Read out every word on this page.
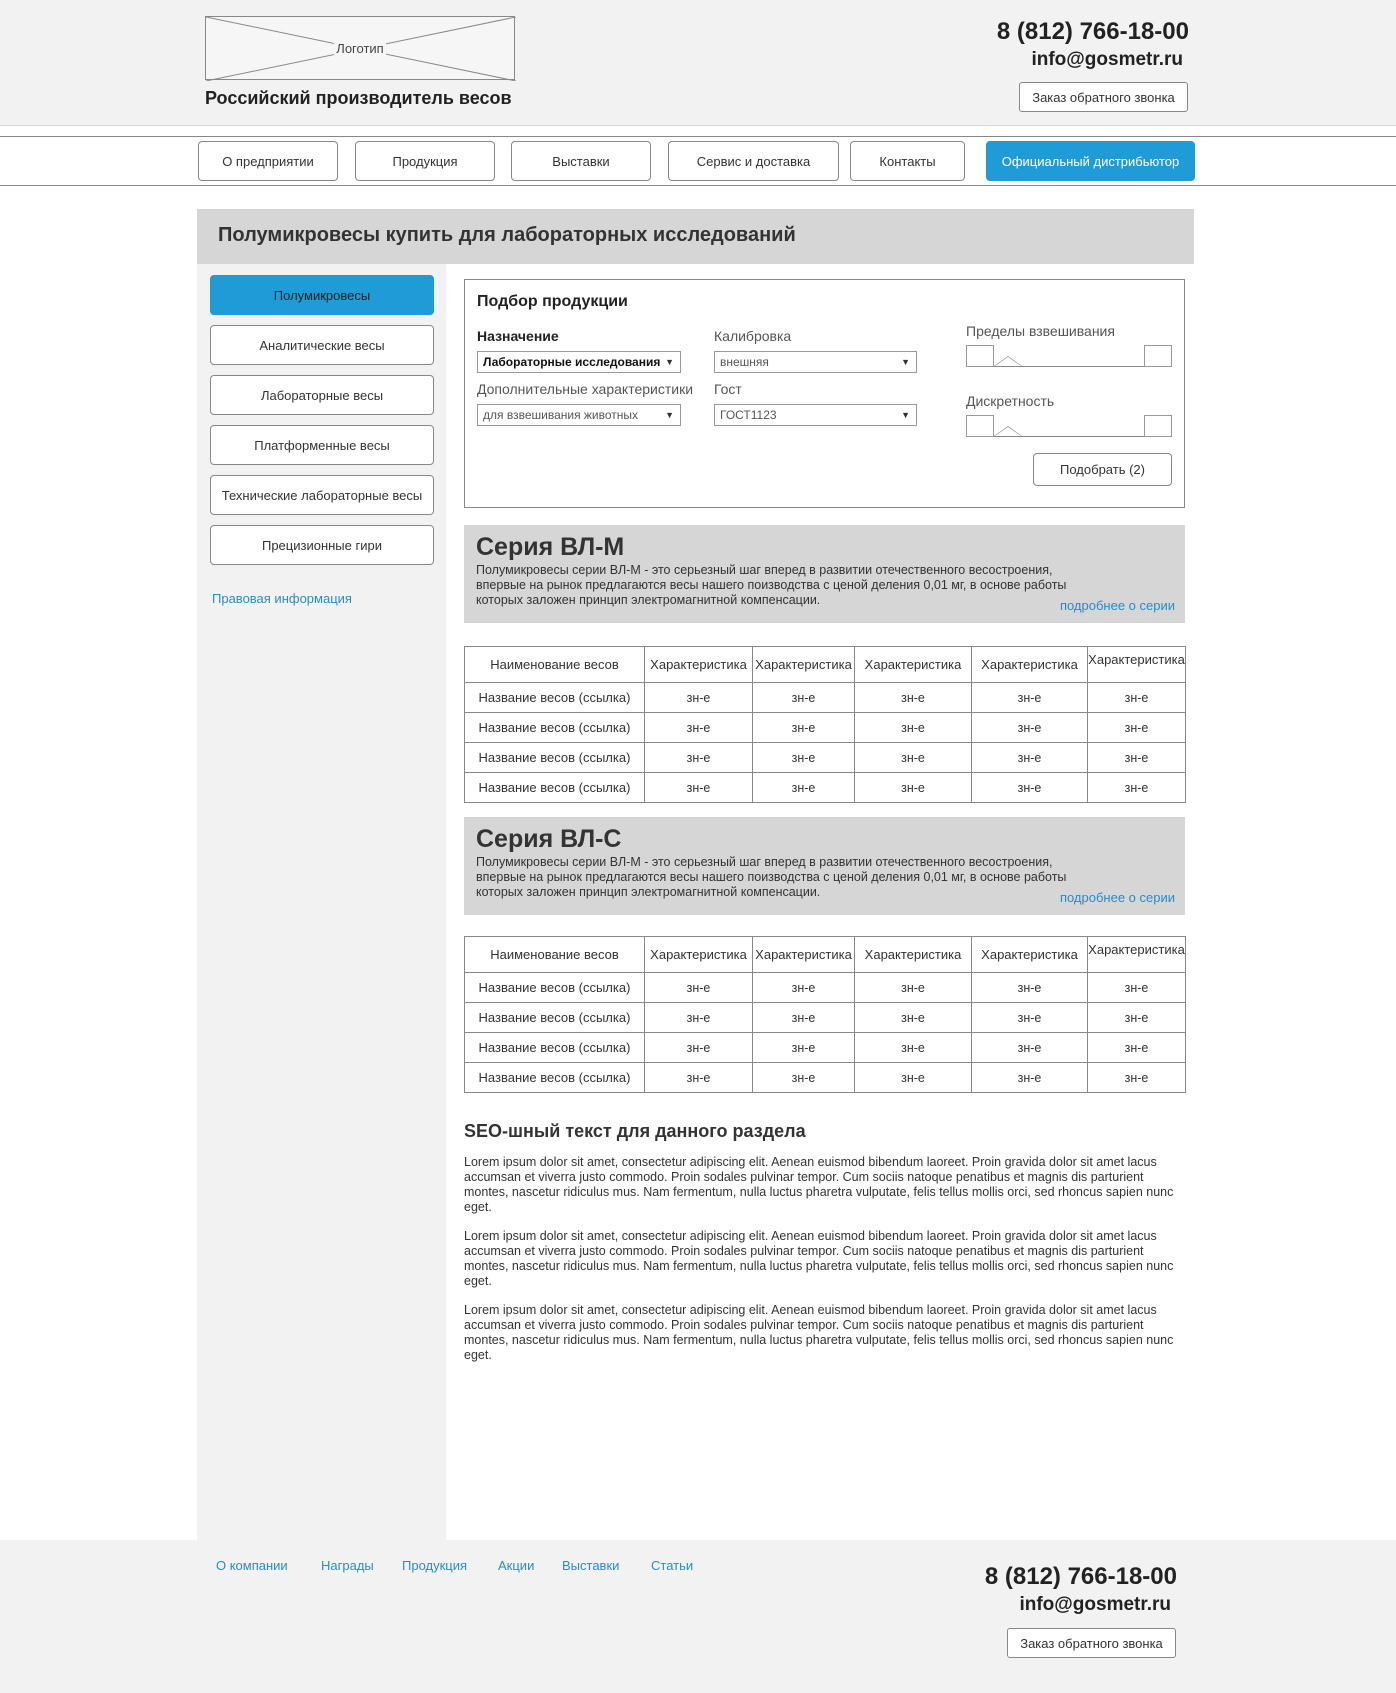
Логотип
Российский производитель весов
8 (812) 766-18-00
info@gosmetr.ru
Заказ обратного звонка
О предприятии	Продукция	Выставки	Сервис и доставка	Контакты	Официальный дистрибьютор
Полумикровесы купить для лабораторных исследований
Полумикровесы
Аналитические весы
Лабораторные весы
Платформенные весы
Технические лабораторные весы
Прецизионные гири
Правовая информация
Подбор продукции
Назначение
Лабораторные исследования ▼
Дополнительные характеристики
для взвешивания животных	▼
Калибровка
внешняя	▼
Гост
ГОСТ1123	▼
Пределы взвешивания
Дискретность
Подобрать (2)
Серия ВЛ-М
Полумикровесы серии ВЛ-М - это серьезный шаг вперед в развитии отечественного весостроения, впервые на рынок предлагаются весы нашего поизводства с ценой деления 0,01 мг, в основе работы которых заложен принцип электромагнитной компенсации.	подробнее о серии
Наименование весов	Характеристика	Характеристика	Характеристика	Характеристика	Характеристика
Название весов (ссылка)	зн-е	зн-е	зн-е	зн-е	зн-е
Название весов (ссылка)	зн-е	зн-е	зн-е	зн-е	зн-е
Название весов (ссылка)	зн-е	зн-е	зн-е	зн-е	зн-е
Название весов (ссылка)	зн-е	зн-е	зн-е	зн-е	зн-е
Серия ВЛ-С
Полумикровесы серии ВЛ-М - это серьезный шаг вперед в развитии отечественного весостроения, впервые на рынок предлагаются весы нашего поизводства с ценой деления 0,01 мг, в основе работы которых заложен принцип электромагнитной компенсации.	подробнее о серии
Наименование весов	Характеристика	Характеристика	Характеристика	Характеристика	Характеристика
Название весов (ссылка)	зн-е	зн-е	зн-е	зн-е	зн-е
Название весов (ссылка)	зн-е	зн-е	зн-е	зн-е	зн-е
Название весов (ссылка)	зн-е	зн-е	зн-е	зн-е	зн-е
Название весов (ссылка)	зн-е	зн-е	зн-е	зн-е	зн-е
SEO-шный текст для данного раздела
Lorem ipsum dolor sit amet, consectetur adipiscing elit. Aenean euismod bibendum laoreet. Proin gravida dolor sit amet lacus accumsan et viverra justo commodo. Proin sodales pulvinar tempor. Cum sociis natoque penatibus et magnis dis parturient montes, nascetur ridiculus mus. Nam fermentum, nulla luctus pharetra vulputate, felis tellus mollis orci, sed rhoncus sapien nunc eget.
Lorem ipsum dolor sit amet, consectetur adipiscing elit. Aenean euismod bibendum laoreet. Proin gravida dolor sit amet lacus accumsan et viverra justo commodo. Proin sodales pulvinar tempor. Cum sociis natoque penatibus et magnis dis parturient montes, nascetur ridiculus mus. Nam fermentum, nulla luctus pharetra vulputate, felis tellus mollis orci, sed rhoncus sapien nunc eget.
Lorem ipsum dolor sit amet, consectetur adipiscing elit. Aenean euismod bibendum laoreet. Proin gravida dolor sit amet lacus accumsan et viverra justo commodo. Proin sodales pulvinar tempor. Cum sociis natoque penatibus et magnis dis parturient montes, nascetur ridiculus mus. Nam fermentum, nulla luctus pharetra vulputate, felis tellus mollis orci, sed rhoncus sapien nunc eget.
О компании	Награды Продукция Акции Выставки Статьи	8 (812) 766-18-00
info@gosmetr.ru
Заказ обратного звонка
